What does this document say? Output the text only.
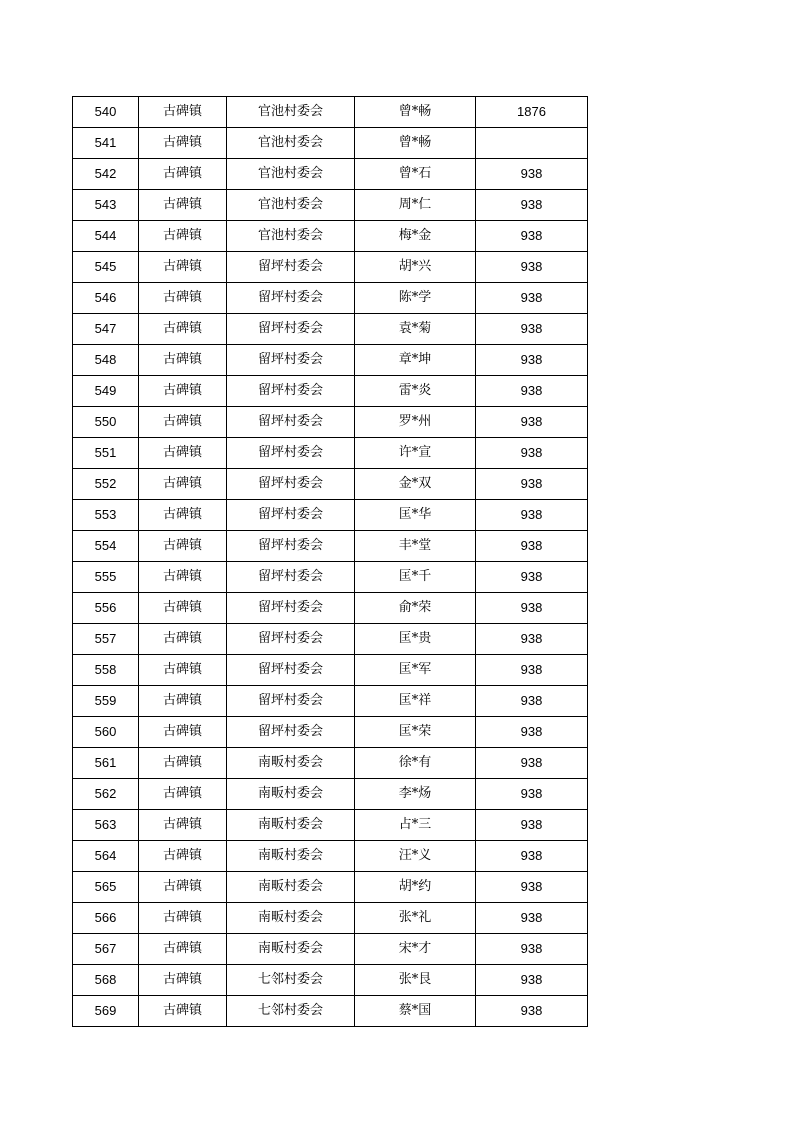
540	古碑镇	官池村委会	曾*畅	1876
541	古碑镇	官池村委会	曾*畅	
542	古碑镇	官池村委会	曾*石	938
543	古碑镇	官池村委会	周*仁	938
544	古碑镇	官池村委会	梅*金	938
545	古碑镇	留坪村委会	胡*兴	938
546	古碑镇	留坪村委会	陈*学	938
547	古碑镇	留坪村委会	袁*菊	938
548	古碑镇	留坪村委会	章*坤	938
549	古碑镇	留坪村委会	雷*炎	938
550	古碑镇	留坪村委会	罗*州	938
551	古碑镇	留坪村委会	许*宣	938
552	古碑镇	留坪村委会	金*双	938
553	古碑镇	留坪村委会	匡*华	938
554	古碑镇	留坪村委会	丰*堂	938
555	古碑镇	留坪村委会	匡*千	938
556	古碑镇	留坪村委会	俞*荣	938
557	古碑镇	留坪村委会	匡*贵	938
558	古碑镇	留坪村委会	匡*军	938
559	古碑镇	留坪村委会	匡*祥	938
560	古碑镇	留坪村委会	匡*荣	938
561	古碑镇	南畈村委会	徐*有	938
562	古碑镇	南畈村委会	李*炀	938
563	古碑镇	南畈村委会	占*三	938
564	古碑镇	南畈村委会	汪*义	938
565	古碑镇	南畈村委会	胡*约	938
566	古碑镇	南畈村委会	张*礼	938
567	古碑镇	南畈村委会	宋*才	938
568	古碑镇	七邻村委会	张*艮	938
569	古碑镇	七邻村委会	蔡*国	938
